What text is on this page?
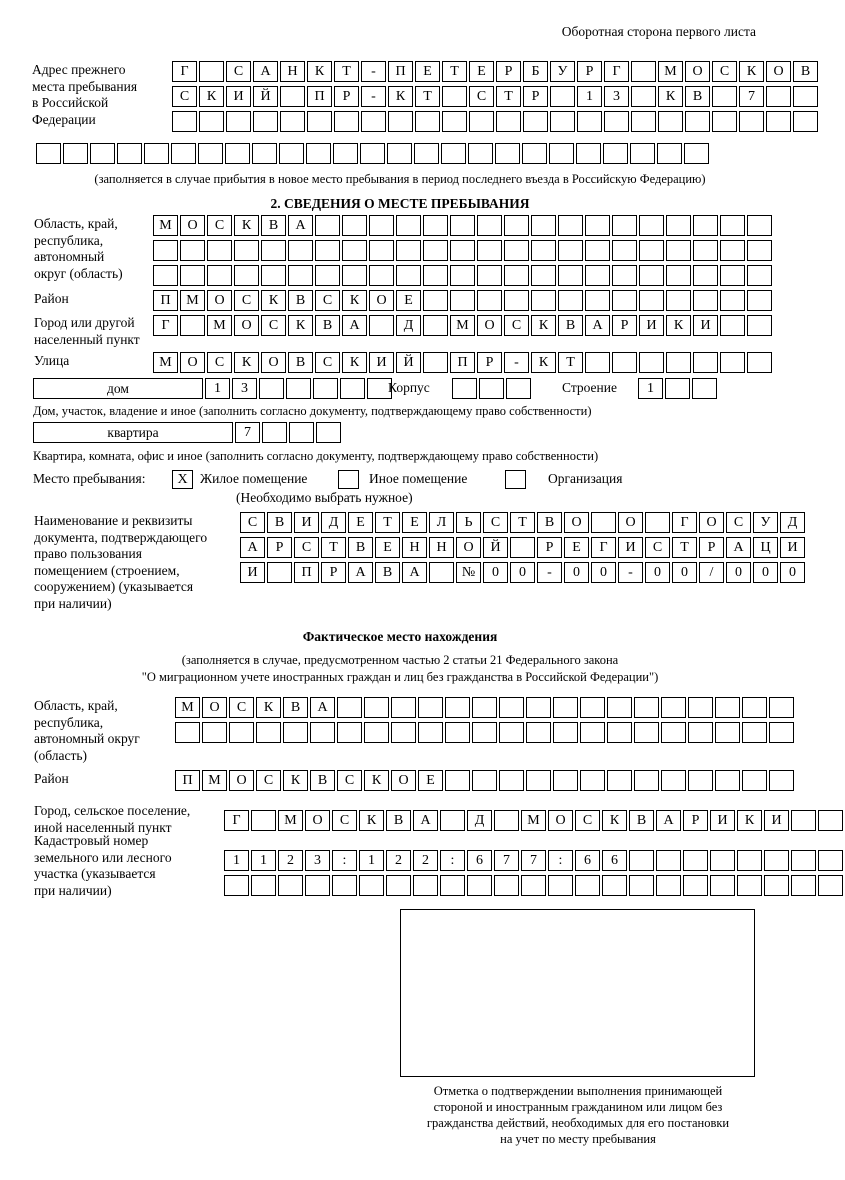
Оборотная сторона первого листа
Адрес прежнего
места пребывания
в Российской
Федерации
Г	С	А	Н	К	Т	-	П	Е	Т	Е	Р	Б	У	Р	Г	М	О	С	К	О	В
С	К	И	Й	П	Р	-	К	Т	С	Т	Р	1	3	К	В	7
(заполняется в случае прибытия в новое место пребывания в период последнего въезда в Российскую Федерацию)
2. СВЕДЕНИЯ О МЕСТЕ ПРЕБЫВАНИЯ
Область, край,
республика,
автономный
округ (область)
М	О	С	К	В	А
Район	П	М	О	С	К	В	С	К	О	Е
Город или другой
населенный пункт
Г	М	О	С	К	В	А	Д	М	О	С	К	В	А	Р	И	К	И
Улица	М	О	С	К	О	В	С	К	И	Й	П	Р	-	К	Т
дом	1	3	Корпус	Строение	1
Дом, участок, владение и иное (заполнить согласно документу, подтверждающему право собственности)
квартира	7
Квартира, комната, офис и иное (заполнить согласно документу, подтверждающему право собственности)
Место пребывания:	X Жилое помещение	Иное помещение	Организация
(Необходимо выбрать нужное)
Наименование и реквизиты
документа, подтверждающего
право пользования
помещением (строением,
сооружением) (указывается
при наличии)
С	В	И	Д	Е	Т	Е	Л	Ь	С	Т	В	О	О	Г	О	С	У	Д
А	Р	С	Т	В	Е	Н	Н	О	Й	Р	Е	Г	И	С	Т	Р	А	Ц	И
И	П	Р	А	В	А	№	0	0	-	0	0	-	0	0	/	0	0	0
Фактическое место нахождения
(заполняется в случае, предусмотренном частью 2 статьи 21 Федерального закона
"О миграционном учете иностранных граждан и лиц без гражданства в Российской Федерации")
Область, край,
республика,
автономный округ
(область)
М	О	С	К	В	А
Район	П	М	О	С	К	В	С	К	О	Е
Город, сельское поселение,
иной населенный пункт	Г	М	О	С	К	В	А	Д	М	О	С	К	В	А	Р	И	К	И
Кадастровый номер
земельного или лесного
участка (указывается
при наличии)
1	1	2	3	:	1	2	2	:	6	7	7	:	6	6
Отметка о подтверждении выполнения принимающей
стороной и иностранным гражданином или лицом без
гражданства действий, необходимых для его постановки
на учет по месту пребывания
